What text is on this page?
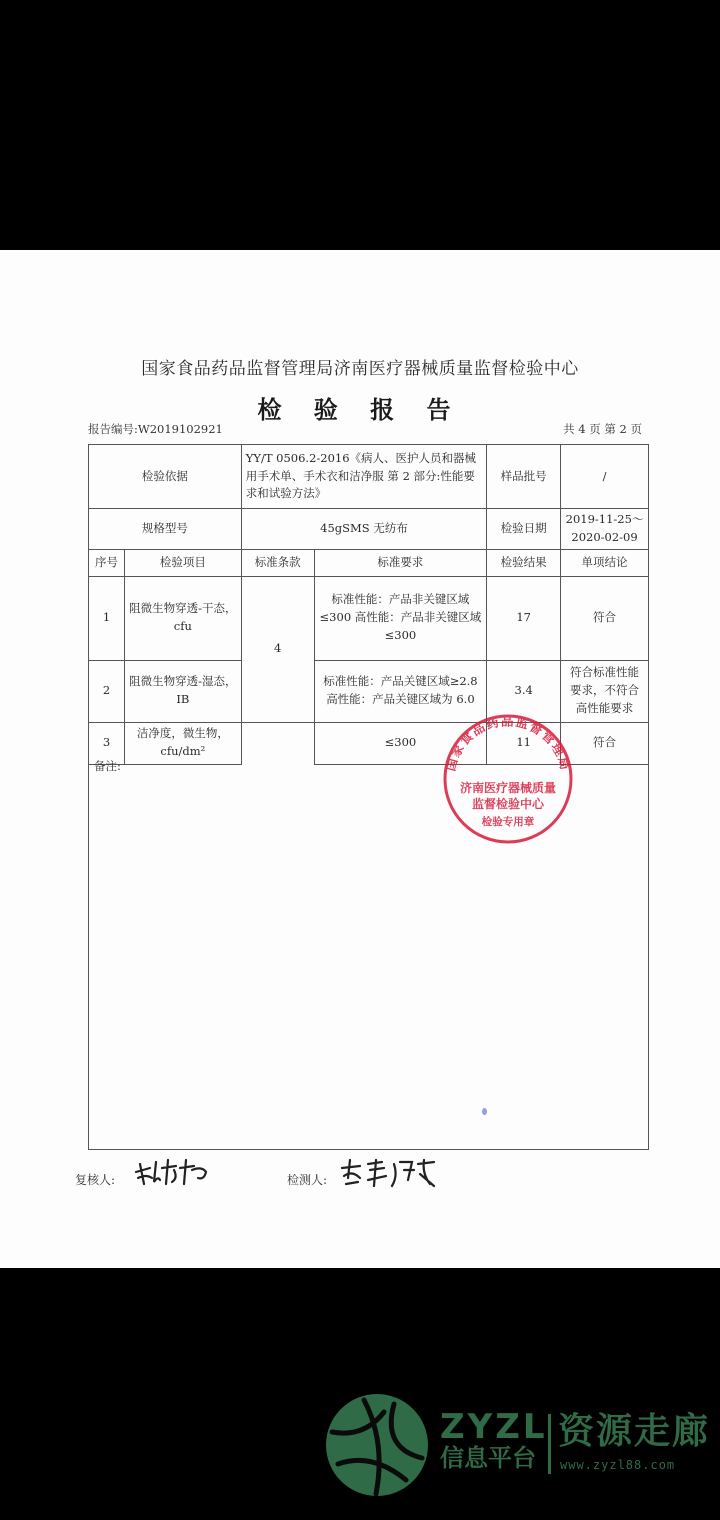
国家食品药品监督管理局济南医疗器械质量监督检验中心
检 验 报 告
报告编号:W2019102921	共 4 页 第 2 页
检验依据		YY/T 0506.2-2016《病人、医护人员和器械用手术单、手术衣和洁净服 第 2 部分:性能要求和试验方法》		样品批号	/
规格型号		45gSMS 无纺布		检验日期	2019-11-25～2020-02-09
序号	检验项目	标准条款	标准要求	检验结果	单项结论
1	阻微生物穿透-干态，cfu	4	标准性能：产品非关键区域≤300 高性能：产品非关键区域≤300	17	符合
2	阻微生物穿透-湿态，IB		标准性能：产品关键区域≥2.8 高性能：产品关键区域为 6.0	3.4	符合标准性能要求，不符合高性能要求
3	洁净度，微生物，cfu/dm²		≤300	11	符合
备注:	国家食品药品监督管理局
济南医疗器械质量
监督检验中心
检验专用章
复核人:	检测人:
ZYZL
信息平台
资源走廊
www.zyzl88.com
